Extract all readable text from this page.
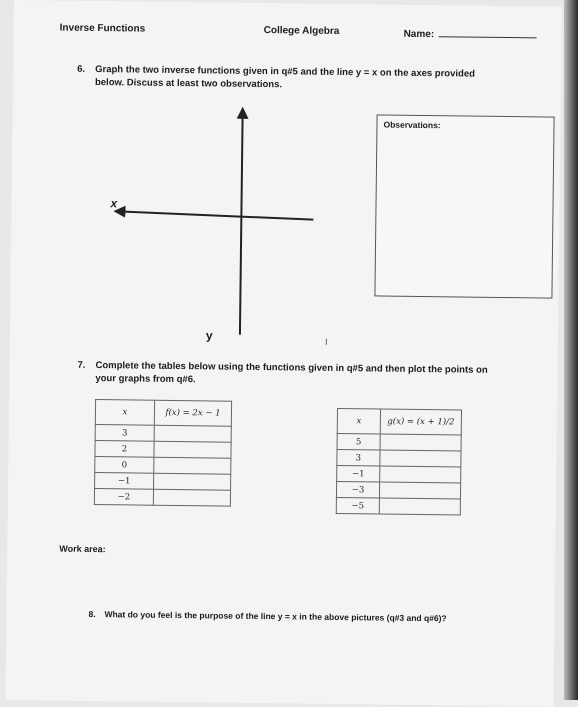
Inverse Functions	College Algebra	Name:
6. Graph the two inverse functions given in q#5 and the line y = x on the axes provided
below. Discuss at least two observations.
x
y
Observations:
7. Complete the tables below using the functions given in q#5 and then plot the points on
your graphs from q#6.
x	f(x) = 2x − 1
3	
2	
0	
−1	
−2	
x	g(x) = (x + 1)/2
5	
3	
−1	
−3	
−5	
Work area:
8. What do you feel is the purpose of the line y = x in the above pictures (q#3 and q#6)?
